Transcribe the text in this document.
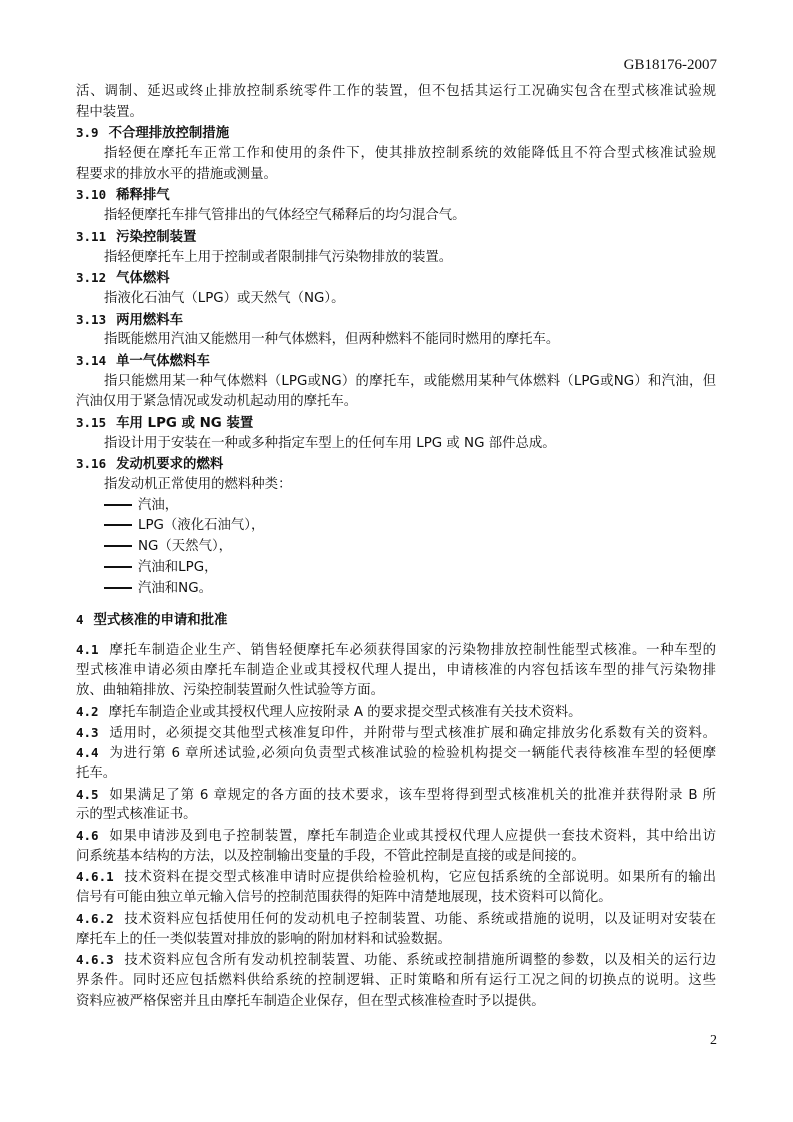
GB18176-2007
活、调制、延迟或终止排放控制系统零件工作的装置，但不包括其运行工况确实包含在型式核准试验规
程中装置。
3.9 不合理排放控制措施
指轻便在摩托车正常工作和使用的条件下，使其排放控制系统的效能降低且不符合型式核准试验规
程要求的排放水平的措施或测量。
3.10 稀释排气
指轻便摩托车排气管排出的气体经空气稀释后的均匀混合气。
3.11 污染控制装置
指轻便摩托车上用于控制或者限制排气污染物排放的装置。
3.12 气体燃料
指液化石油气（LPG）或天然气（NG）。
3.13 两用燃料车
指既能燃用汽油又能燃用一种气体燃料，但两种燃料不能同时燃用的摩托车。
3.14 单一气体燃料车
指只能燃用某一种气体燃料（LPG或NG）的摩托车，或能燃用某种气体燃料（LPG或NG）和汽油，但
汽油仅用于紧急情况或发动机起动用的摩托车。
3.15 车用 LPG 或 NG 装置
指设计用于安装在一种或多种指定车型上的任何车用 LPG 或 NG 部件总成。
3.16 发动机要求的燃料
指发动机正常使用的燃料种类：
汽油，
LPG（液化石油气），
NG（天然气），
汽油和LPG，
汽油和NG。
4 型式核准的申请和批准
4.1 摩托车制造企业生产、销售轻便摩托车必须获得国家的污染物排放控制性能型式核准。一种车型的
型式核准申请必须由摩托车制造企业或其授权代理人提出，申请核准的内容包括该车型的排气污染物排
放、曲轴箱排放、污染控制装置耐久性试验等方面。
4.2 摩托车制造企业或其授权代理人应按附录 A 的要求提交型式核准有关技术资料。
4.3 适用时，必须提交其他型式核准复印件，并附带与型式核准扩展和确定排放劣化系数有关的资料。
4.4 为进行第 6 章所述试验,必须向负责型式核准试验的检验机构提交一辆能代表待核准车型的轻便摩
托车。
4.5 如果满足了第 6 章规定的各方面的技术要求，该车型将得到型式核准机关的批准并获得附录 B 所
示的型式核准证书。
4.6 如果申请涉及到电子控制装置，摩托车制造企业或其授权代理人应提供一套技术资料，其中给出访
问系统基本结构的方法，以及控制输出变量的手段，不管此控制是直接的或是间接的。
4.6.1 技术资料在提交型式核准申请时应提供给检验机构，它应包括系统的全部说明。如果所有的输出
信号有可能由独立单元输入信号的控制范围获得的矩阵中清楚地展现，技术资料可以简化。
4.6.2 技术资料应包括使用任何的发动机电子控制装置、功能、系统或措施的说明，以及证明对安装在
摩托车上的任一类似装置对排放的影响的附加材料和试验数据。
4.6.3 技术资料应包含所有发动机控制装置、功能、系统或控制措施所调整的参数，以及相关的运行边
界条件。同时还应包括燃料供给系统的控制逻辑、正时策略和所有运行工况之间的切换点的说明。这些
资料应被严格保密并且由摩托车制造企业保存，但在型式核准检查时予以提供。
2
